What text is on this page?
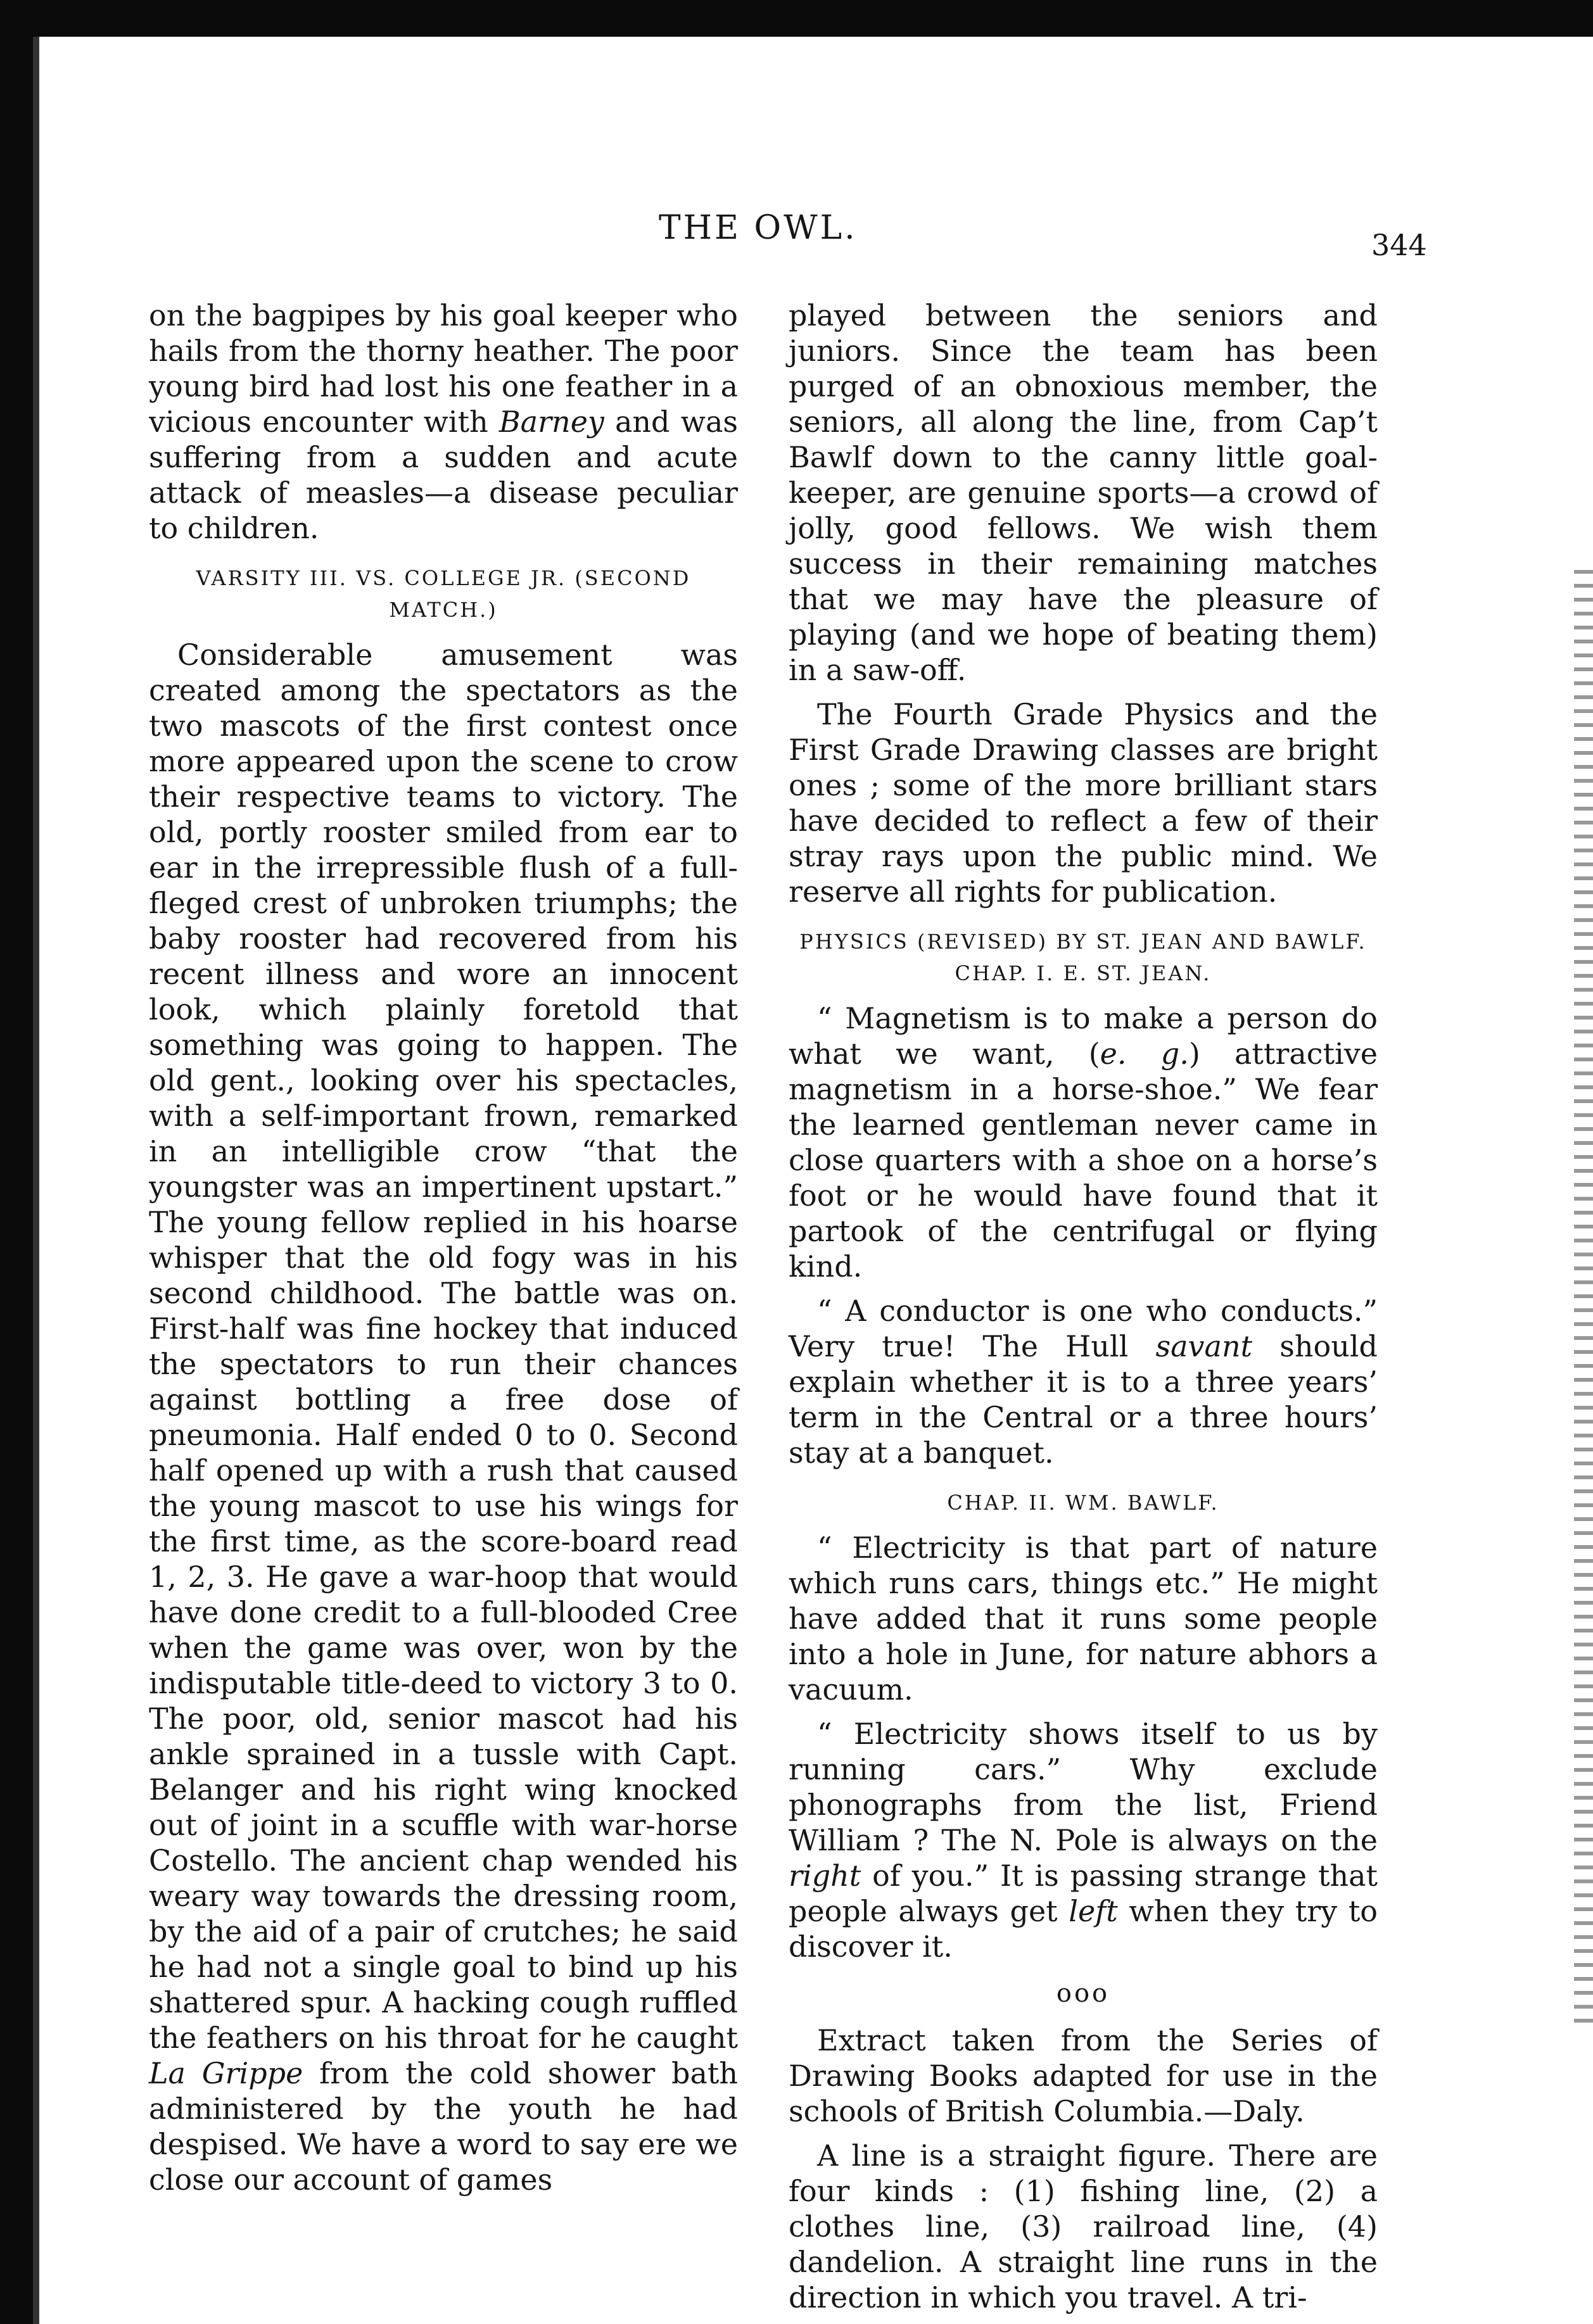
THE OWL.	344

on the bagpipes by his goal keeper who hails from the thorny heather. The poor young bird had lost his one feather in a vicious encounter with Barney and was suffering from a sudden and acute attack of measles—a disease peculiar to children.

VARSITY III. VS. COLLEGE JR. (SECOND MATCH.)

Considerable amusement was created among the spectators as the two mascots of the first contest once more appeared upon the scene to crow their respective teams to victory. The old, portly rooster smiled from ear to ear in the irrepressible flush of a full-fleged crest of unbroken triumphs; the baby rooster had recovered from his recent illness and wore an innocent look, which plainly foretold that something was going to happen. The old gent., looking over his spectacles, with a self-important frown, remarked in an intelligible crow “that the youngster was an impertinent upstart.” The young fellow replied in his hoarse whisper that the old fogy was in his second childhood. The battle was on. First-half was fine hockey that induced the spectators to run their chances against bottling a free dose of pneumonia. Half ended 0 to 0. Second half opened up with a rush that caused the young mascot to use his wings for the first time, as the score-board read 1, 2, 3. He gave a war-hoop that would have done credit to a full-blooded Cree when the game was over, won by the indisputable title-deed to victory 3 to 0. The poor, old, senior mascot had his ankle sprained in a tussle with Capt. Belanger and his right wing knocked out of joint in a scuffle with war-horse Costello. The ancient chap wended his weary way towards the dressing room, by the aid of a pair of crutches; he said he had not a single goal to bind up his shattered spur. A hacking cough ruffled the feathers on his throat for he caught La Grippe from the cold shower bath administered by the youth he had despised. We have a word to say ere we close our account of games

played between the seniors and juniors. Since the team has been purged of an obnoxious member, the seniors, all along the line, from Cap’t Bawlf down to the canny little goal-keeper, are genuine sports—a crowd of jolly, good fellows. We wish them success in their remaining matches that we may have the pleasure of playing (and we hope of beating them) in a saw-off.

The Fourth Grade Physics and the First Grade Drawing classes are bright ones ; some of the more brilliant stars have decided to reflect a few of their stray rays upon the public mind. We reserve all rights for publication.

PHYSICS (REVISED) BY ST. JEAN AND BAWLF. CHAP. I. E. ST. JEAN.

“ Magnetism is to make a person do what we want, (e. g.) attractive magnetism in a horse-shoe.” We fear the learned gentleman never came in close quarters with a shoe on a horse’s foot or he would have found that it partook of the centrifugal or flying kind.

“ A conductor is one who conducts.” Very true! The Hull savant should explain whether it is to a three years’ term in the Central or a three hours’ stay at a banquet.

CHAP. II. WM. BAWLF.

“ Electricity is that part of nature which runs cars, things etc.” He might have added that it runs some people into a hole in June, for nature abhors a vacuum.

“ Electricity shows itself to us by running cars.” Why exclude phonographs from the list, Friend William ? The N. Pole is always on the right of you.” It is passing strange that people always get left when they try to discover it.

ooo

Extract taken from the Series of Drawing Books adapted for use in the schools of British Columbia.—Daly.

A line is a straight figure. There are four kinds : (1) fishing line, (2) a clothes line, (3) railroad line, (4) dandelion. A straight line runs in the direction in which you travel. A tri-
